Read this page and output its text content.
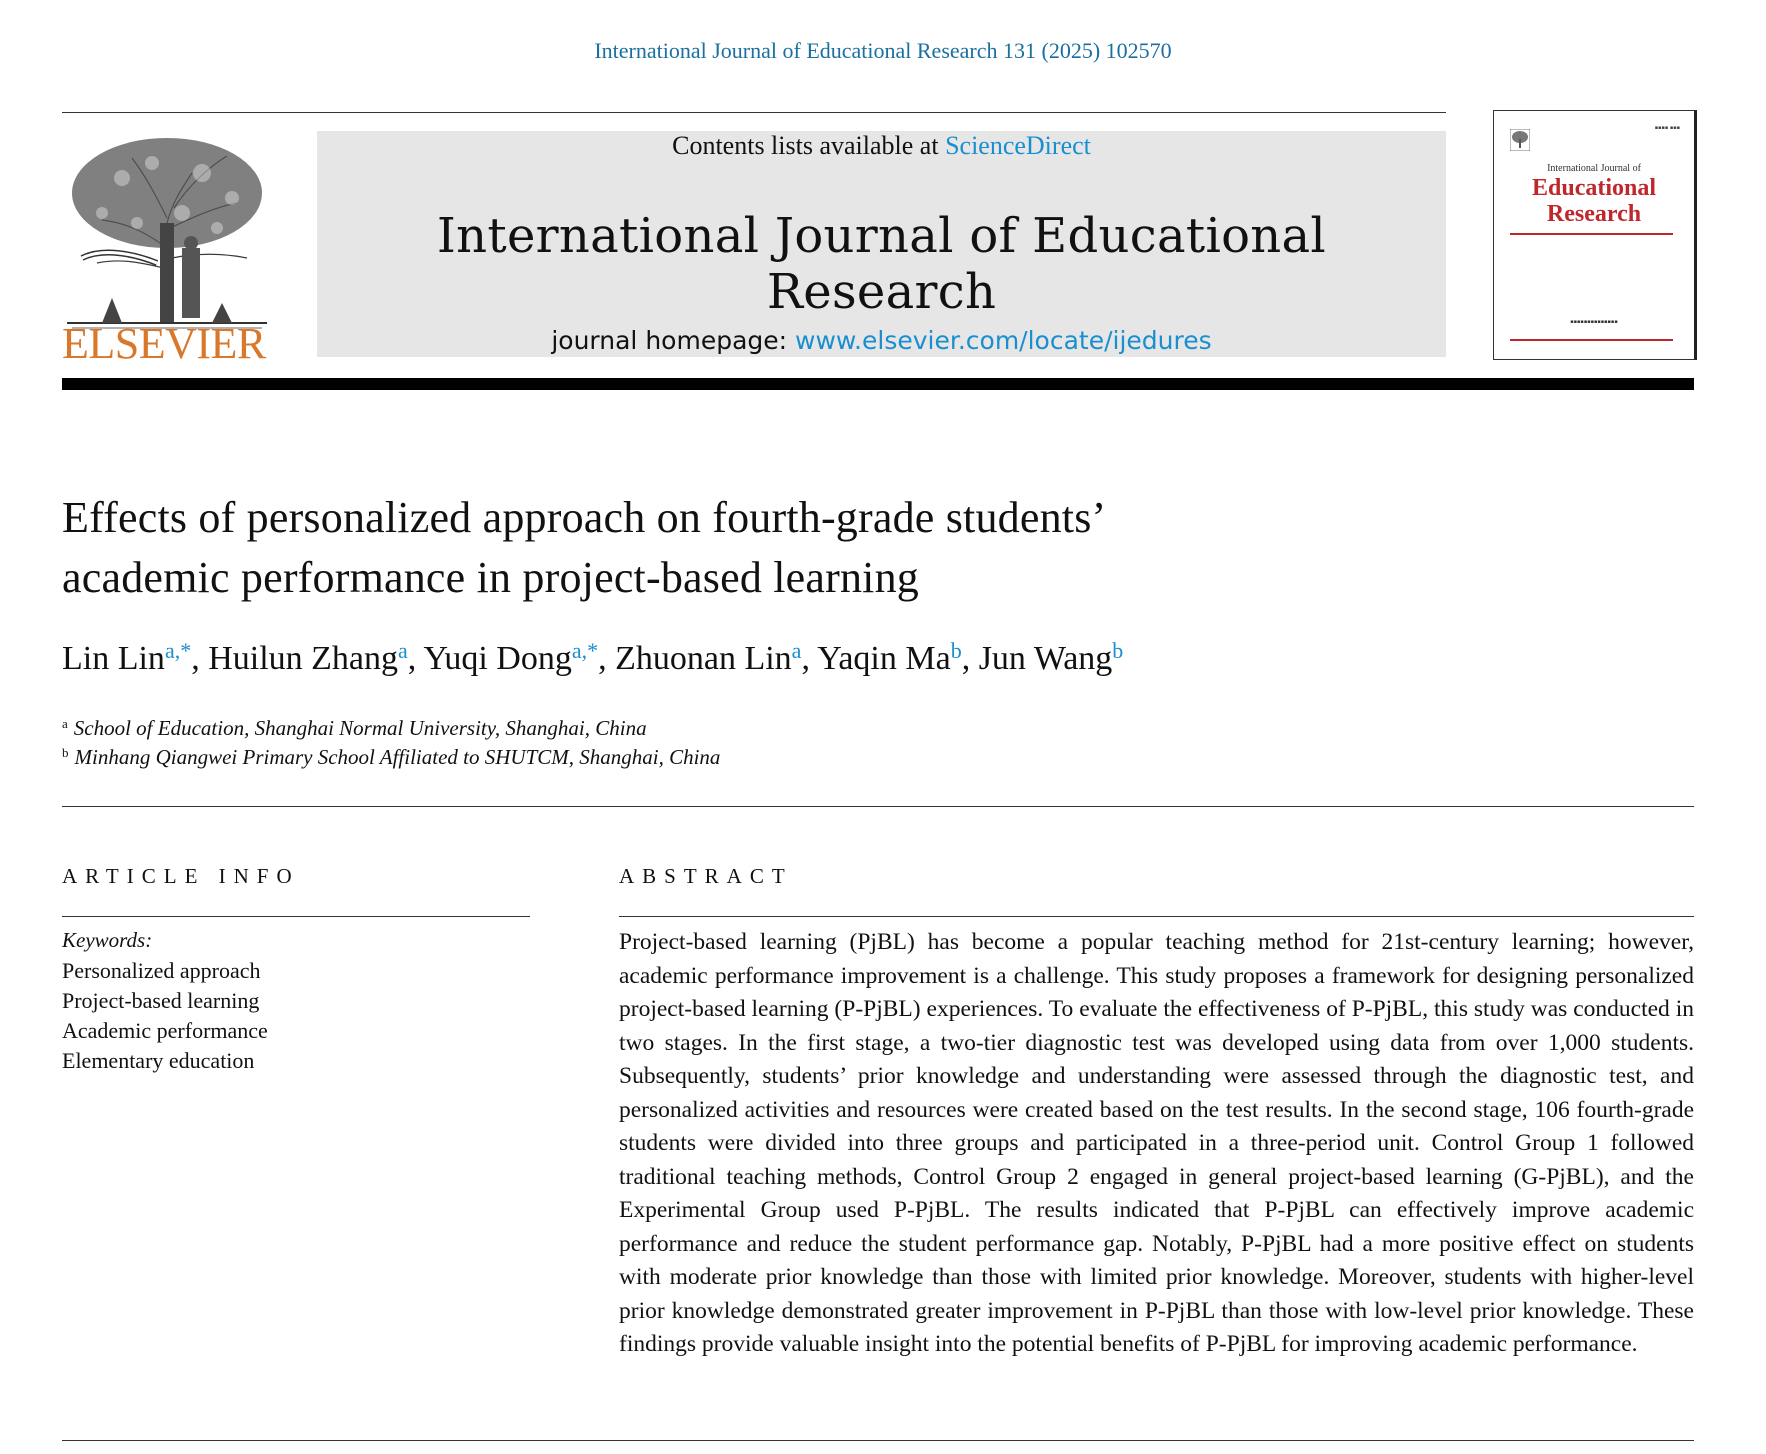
International Journal of Educational Research 131 (2025) 102570
ELSEVIER
Contents lists available at ScienceDirect
International Journal of Educational Research
journal homepage: www.elsevier.com/locate/ijedures
▪▪▪▪ ▪▪▪
International Journal of
Educational
Research
▪▪▪▪▪▪▪▪▪▪▪▪▪▪
Effects of personalized approach on fourth-grade students’
academic performance in project-based learning
Lin Lin$^{a,*}$, Huilun Zhang$^a$, Yuqi Dong$^{a,*}$, Zhuonan Lin$^a$, Yaqin Ma$^b$, Jun Wang$^b$
$^a$ School of Education, Shanghai Normal University, Shanghai, China
$^b$ Minhang Qiangwei Primary School Affiliated to SHUTCM, Shanghai, China
ARTICLE INFO	ABSTRACT
Keywords:
Personalized approach
Project-based learning
Academic performance
Elementary education
Project-based learning (PjBL) has become a popular teaching method for 21st-century learning; however, academic performance improvement is a challenge. This study proposes a framework for designing personalized project-based learning (P-PjBL) experiences. To evaluate the effectiveness of P-PjBL, this study was conducted in two stages. In the first stage, a two-tier diagnostic test was developed using data from over 1,000 students. Subsequently, students’ prior knowledge and understanding were assessed through the diagnostic test, and personalized activities and resources were created based on the test results. In the second stage, 106 fourth-grade students were divided into three groups and participated in a three-period unit. Control Group 1 followed traditional teaching methods, Control Group 2 engaged in general project-based learning (G-PjBL), and the Experimental Group used P-PjBL. The results indicated that P-PjBL can effectively improve academic performance and reduce the student performance gap. Notably, P-PjBL had a more positive effect on students with moderate prior knowledge than those with limited prior knowledge. Moreover, students with higher-level prior knowledge demonstrated greater improvement in P-PjBL than those with low-level prior knowledge. These findings provide valuable insight into the potential benefits of P-PjBL for improving academic performance.
